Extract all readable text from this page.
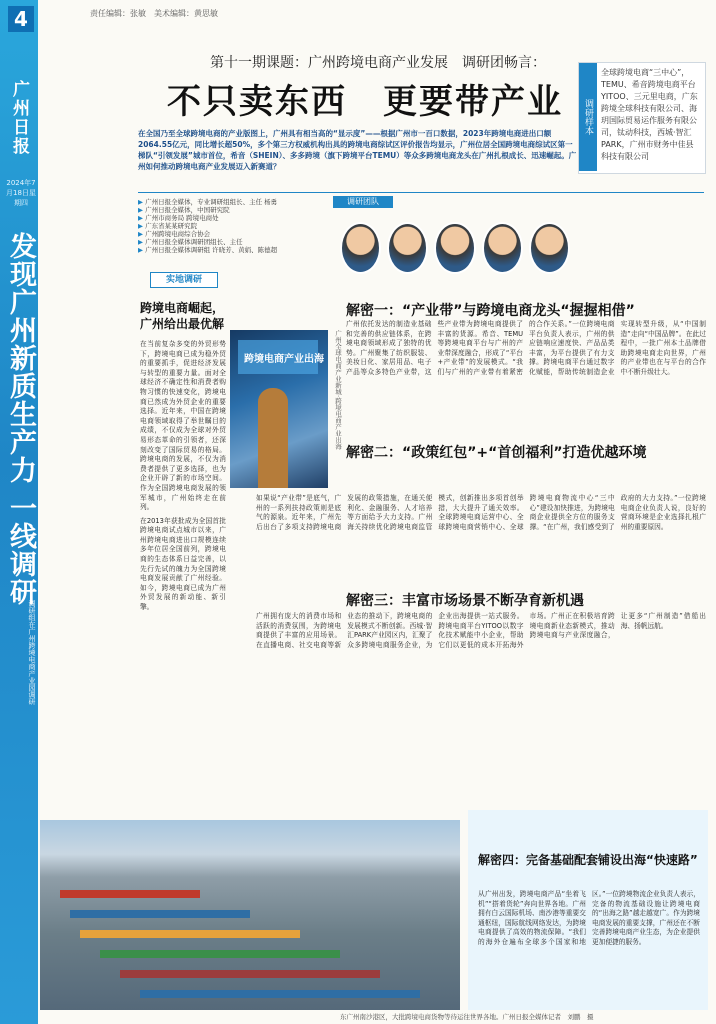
4
广州日报
2024年7月18日星期四
发现广州新质生产力 一线调研
调研组在广州跨境电商产业园调研
责任编辑：张敏　美术编辑：黄思敏
第十一期课题：广州跨境电商产业发展　调研团畅言：
不只卖东西　更要带产业	调研样本
全球跨境电商“三中心”，TEMU、希音跨境电商平台YITOO、三元里电商，广东跨境全球科技有限公司、海玥国际贸易运作服务有限公司，钛动科技，西城·智汇PARK，广州市财务中佳县科技有限公司
在全国乃至全球跨境电商的产业版图上，广州具有相当高的“显示度”——根据广州市一百口数据，2023年跨境电商进出口额2064.55亿元，同比增长超50%，多个第三方权威机构出具的跨境电商综试区评价报告均显示，广州位居全国跨境电商综试区第一梯队“引领发展”城市首位，希音（SHEIN）、多多跨境（旗下跨境平台TEMU）等众多跨境电商龙头在广州扎根成长、迅速崛起。广州如何推动跨境电商产业发展迈入新赛道？
▶ 广州日报全媒体，专业调研组组长、主任 杨勇
▶ 广州日报全媒体，中国研究院
▶ 广州市商务局 跨境电商处
▶ 广东省某某研究院
▶ 广州跨境电商综合协会
▶ 广州日报全媒体调研团组长、主任
▶ 广州日报全媒体调研组 许晓芳、黄娟、陈德超
调研团队
实地调研
跨境电商崛起，广州给出最优解

在当前复杂多变的外贸形势下，跨境电商已成为稳外贸的重要抓手，促进经济发展与转型的重要力量。面对全球经济不确定性和消费者购物习惯的快速变化，跨境电商已然成为外贸企业的重要选择。近年来，中国在跨境电商领域取得了举世瞩目的成绩，不仅成为全球对外贸易形态革命的引领者，还深刻改变了国际贸易的格局。跨境电商的发展，不仅为消费者提供了更多选择，也为企业开辟了新的市场空间。作为全国跨境电商发展的领军城市，广州始终走在前列。

在2013年获批成为全国首批跨境电商试点城市以来，广州跨境电商进出口规模连续多年位居全国前列，跨境电商的生态体系日益完善，以先行先试的魄力为全国跨境电商发展贡献了广州经验。如今，跨境电商已成为广州外贸发展的新动能、新引擎。

跨境电商产业出海	广州全球电商产业新城·跨境电商产业出海
解密一：“产业带”与跨境电商龙头“握握相借”
广州依托发达的制造业基础和完善的供应链体系，在跨境电商领域形成了独特的优势。广州聚集了纺织服装、美妆日化、家居用品、电子产品等众多特色产业带，这些产业带为跨境电商提供了丰富的货源。希音、TEMU等跨境电商平台与广州的产业带深度融合，形成了“平台+产业带”的发展模式。“我们与广州的产业带有着紧密的合作关系。”一位跨境电商平台负责人表示，广州的供应链响应速度快、产品品类丰富，为平台提供了有力支撑。跨境电商平台通过数字化赋能，帮助传统制造企业实现转型升级，从“中国制造”走向“中国品牌”。在此过程中，一批广州本土品牌借助跨境电商走向世界，广州的产业带也在与平台的合作中不断升级壮大。
解密二：“政策红包”+“首创福利”打造优越环境
如果说“产业带”是底气，广州的一系列扶持政策则是底气的源泉。近年来，广州先后出台了多项支持跨境电商发展的政策措施，在通关便利化、金融服务、人才培养等方面给予大力支持。广州海关持续优化跨境电商监管模式，创新推出多项首创举措，大大提升了通关效率。全球跨境电商运营中心、全球跨境电商营销中心、全球跨境电商物流中心“三中心”建设加快推进，为跨境电商企业提供全方位的服务支撑。“在广州，我们感受到了政府的大力支持。”一位跨境电商企业负责人说，良好的营商环境是企业选择扎根广州的重要原因。
解密三：丰富市场场景不断孕育新机遇
广州拥有庞大的消费市场和活跃的消费氛围，为跨境电商提供了丰富的应用场景。在直播电商、社交电商等新业态的推动下，跨境电商的发展模式不断创新。西城·智汇PARK产业园区内，汇聚了众多跨境电商服务企业，为企业出海提供一站式服务。跨境电商平台YITOO以数字化技术赋能中小企业，帮助它们以更低的成本开拓海外市场。广州正在积极培育跨境电商新业态新模式，推动跨境电商与产业深度融合，让更多“广州制造”借船出海、扬帆远航。
解密四：完备基础配套铺设出海“快速路”
从广州出发，跨境电商产品“坐着飞机”“搭着货轮”奔向世界各地。广州拥有白云国际机场、南沙港等重要交通枢纽，国际航线网络发达，为跨境电商提供了高效的物流保障。“我们的海外仓遍布全球多个国家和地区。”一位跨境物流企业负责人表示，完备的物流基础设施让跨境电商的“出海之路”越走越宽广。作为跨境电商发展的重要支撑，广州还在不断完善跨境电商产业生态，为企业提供更加便捷的服务。
东广州南沙港区，大批跨境电商货物等待运往世界各地。广州日报全媒体记者　刘鹏　摄
